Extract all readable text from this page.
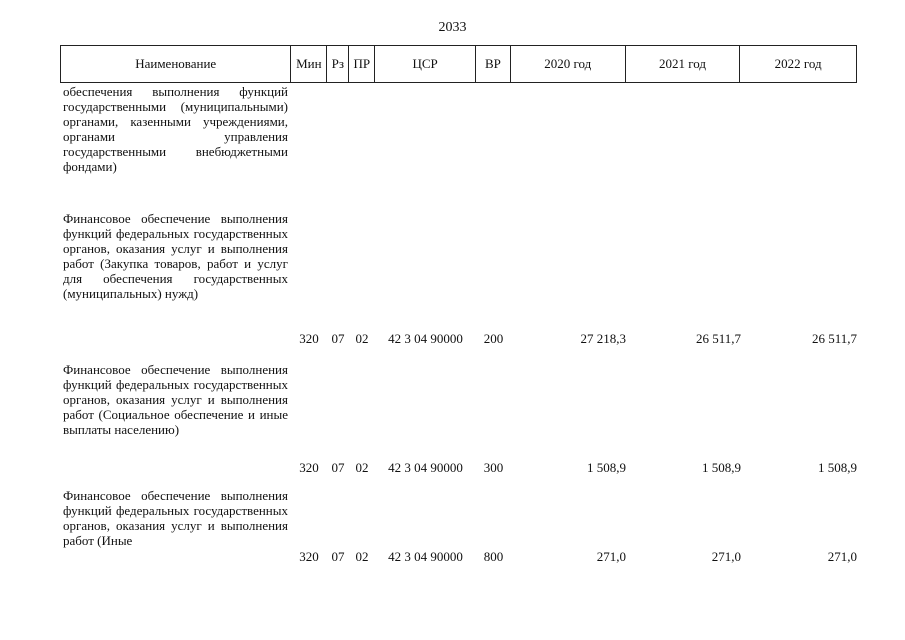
2033
Наименование	Мин Рз ПР	ЦСР	ВР	2020 год	2021 год	2022 год
обеспечения выполнения функций государственными (муниципальными) органами, казенными учреждениями, органами управления государственными внебюджетными фондами)
Финансовое обеспечение выполнения функций федеральных государственных органов, оказания услуг и выполнения работ (Закупка товаров, работ и услуг для обеспечения государственных (муниципальных) нужд)
320 07 02	42 3 04 90000	200	27 218,3	26 511,7	26 511,7
Финансовое обеспечение выполнения функций федеральных государственных органов, оказания услуг и выполнения работ (Социальное обеспечение и иные выплаты населению)
320 07 02	42 3 04 90000	300	1 508,9	1 508,9	1 508,9
Финансовое обеспечение выполнения функций федеральных государственных органов, оказания услуг и выполнения работ (Иные
320 07 02	42 3 04 90000	800	271,0	271,0	271,0
